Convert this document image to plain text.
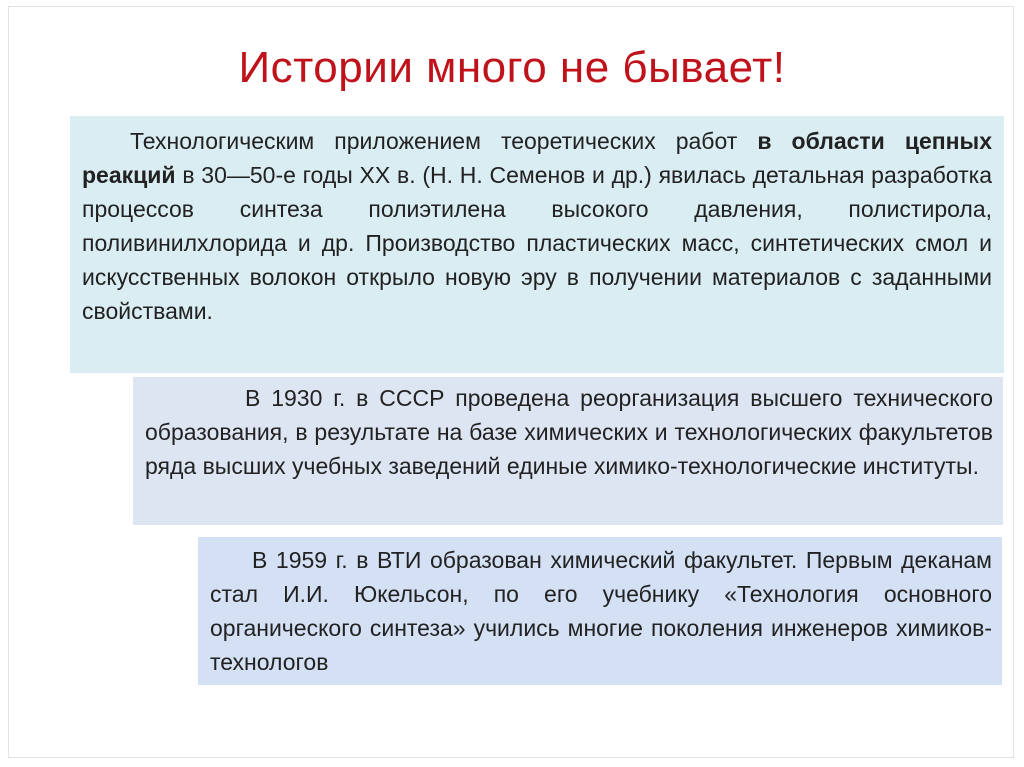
Истории много не бывает!

Технологическим приложением теоретических работ в области цепных реакций в 30—50-е годы XX в. (Н. Н. Семенов и др.) явилась детальная разработка процессов синтеза полиэтилена высокого давления, полистирола, поливинилхлорида и др. Производство пластических масс, синтетических смол и искусственных волокон открыло новую эру в получении материалов с заданными свойствами.

В 1930 г. в СССР проведена реорганизация высшего технического образования, в результате на базе химических и технологических факультетов ряда высших учебных заведений единые химико-технологические институты.

В 1959 г. в ВТИ образован химический факультет. Первым деканам стал И.И. Юкельсон, по его учебнику «Технология основного органического синтеза» учились многие поколения инженеров химиков-технологов
